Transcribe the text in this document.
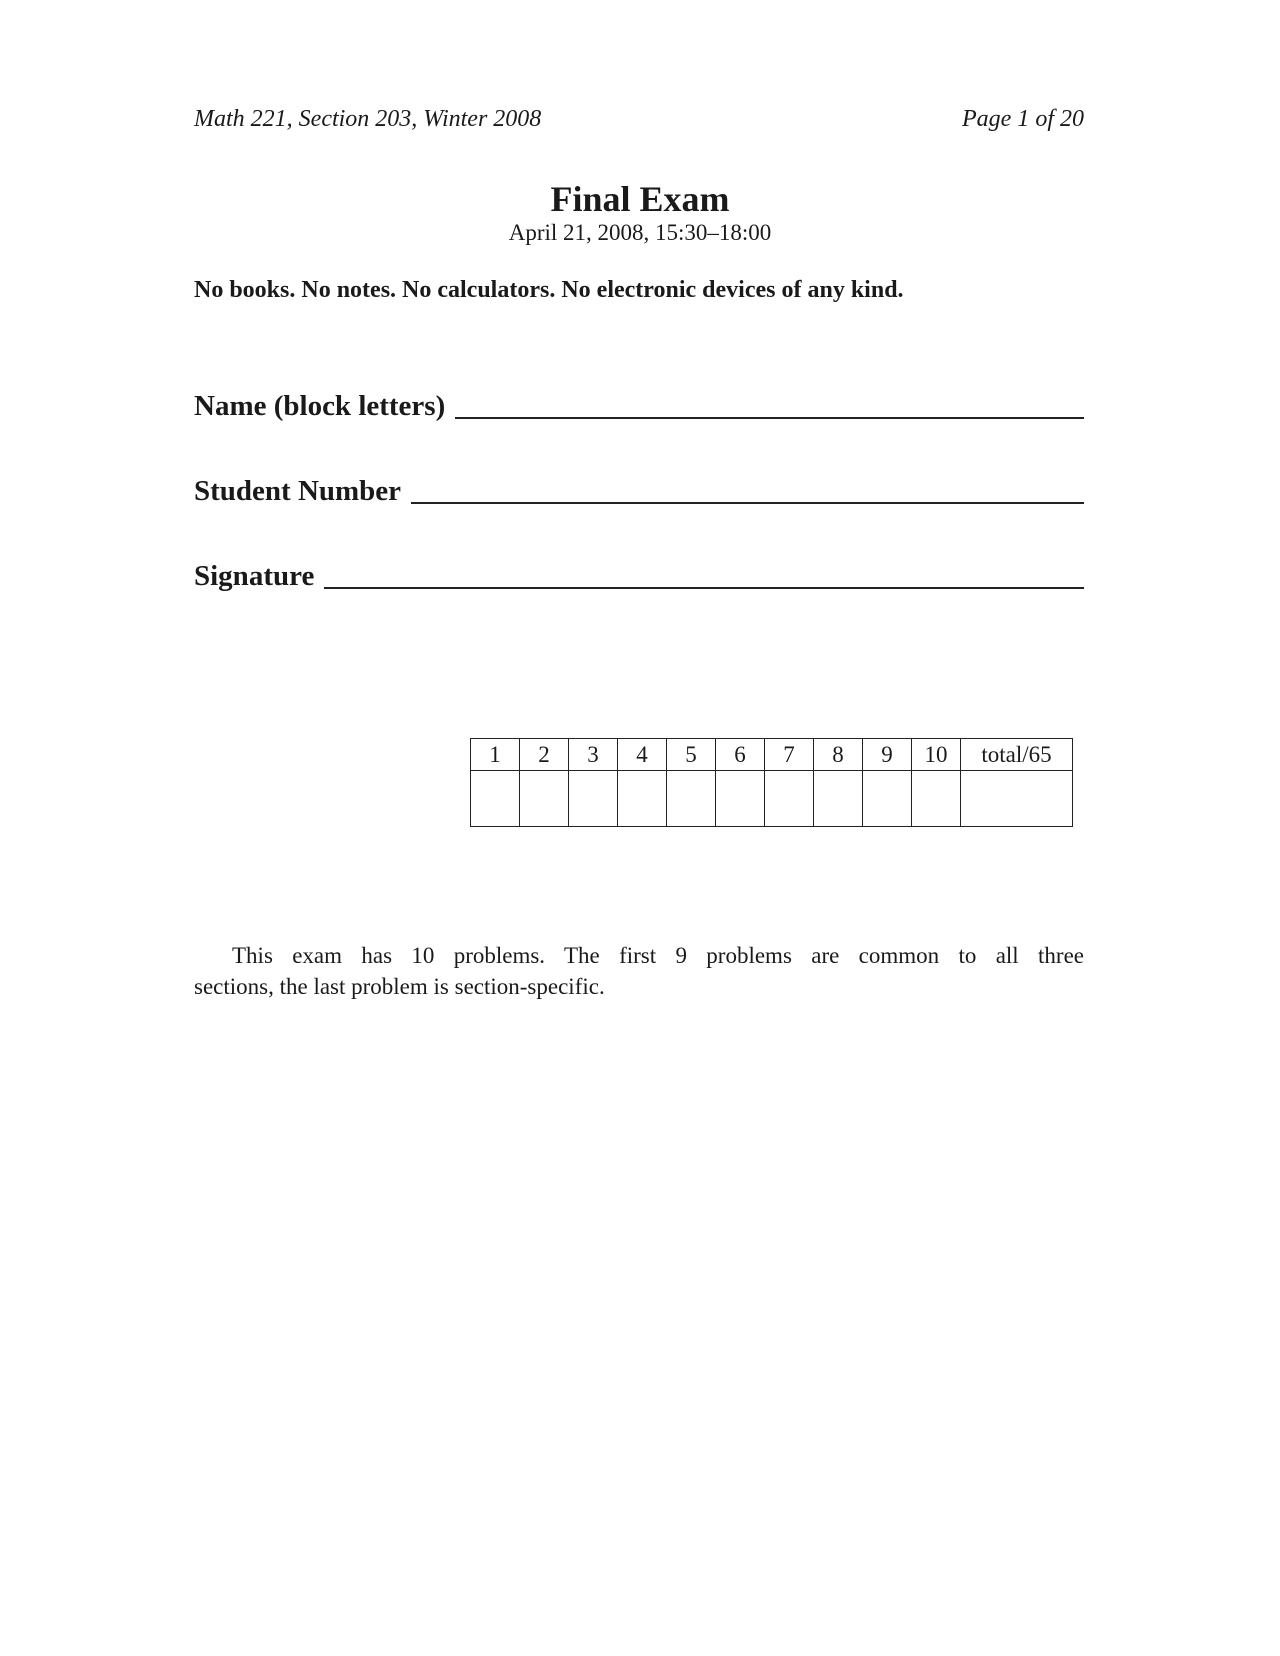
Math 221, Section 203, Winter 2008	Page 1 of 20
Final Exam
April 21, 2008, 15:30–18:00
No books. No notes. No calculators. No electronic devices of any kind.
Name (block letters)
Student Number
Signature
1	2	3	4	5	6	7	8	9	10	total/65

This exam has 10 problems. The first 9 problems are common to all three
sections, the last problem is section-specific.
